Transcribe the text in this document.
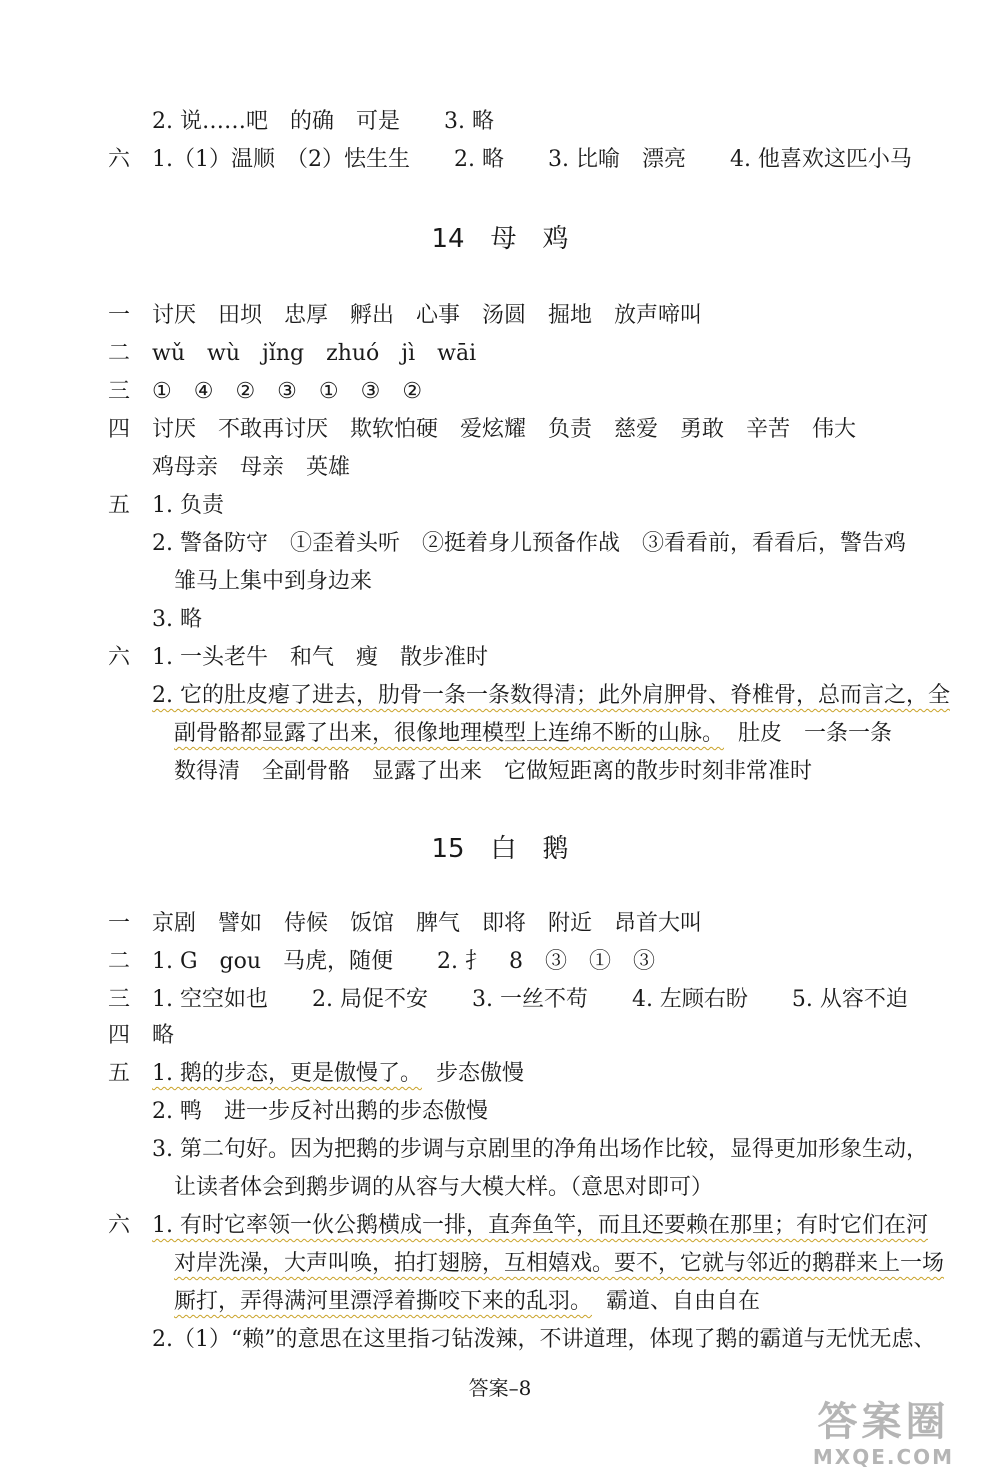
2. 说……吧　的确　可是　　3. 略
六 1.（1）温顺　（2）怯生生　　2. 略　　3. 比喻　漂亮　　4. 他喜欢这匹小马
14　母　鸡
一 讨厌　田坝　忠厚　孵出　心事　汤圆　掘地　放声啼叫
二 wǔ　wù　jǐng　zhuó　jì　wāi
三 ①　④　②　③　①　③　②
四 讨厌　不敢再讨厌　欺软怕硬　爱炫耀　负责　慈爱　勇敢　辛苦　伟大
鸡母亲　母亲　英雄
五 1. 负责
2. 警备防守　①歪着头听　②挺着身儿预备作战　③看看前，看看后，警告鸡
雏马上集中到身边来
3. 略
六 1. 一头老牛　和气　瘦　散步准时
2. 它的肚皮瘪了进去，肋骨一条一条数得清；此外肩胛骨、脊椎骨，总而言之，全
副骨骼都显露了出来，很像地理模型上连绵不断的山脉。 肚皮　一条一条
数得清　全副骨骼　显露了出来　它做短距离的散步时刻非常准时
15　白　鹅
一 京剧　譬如　侍候　饭馆　脾气　即将　附近　昂首大叫
二 1. G　gou　马虎，随便　　2. 扌　8　③　①　③
三 1. 空空如也　　2. 局促不安　　3. 一丝不苟　　4. 左顾右盼　　5. 从容不迫
四 略
五 1. 鹅的步态，更是傲慢了。 步态傲慢
2. 鸭　进一步反衬出鹅的步态傲慢
3. 第二句好。因为把鹅的步调与京剧里的净角出场作比较，显得更加形象生动，
让读者体会到鹅步调的从容与大模大样。（意思对即可）
六 1. 有时它率领一伙公鹅横成一排，直奔鱼竿，而且还要赖在那里；有时它们在河
对岸洗澡，大声叫唤，拍打翅膀，互相嬉戏。要不，它就与邻近的鹅群来上一场
厮打，弄得满河里漂浮着撕咬下来的乱羽。 霸道、自由自在
2.（1）“赖”的意思在这里指刁钻泼辣，不讲道理，体现了鹅的霸道与无忧无虑、
答案–8
答案圈
MXQE.COM
